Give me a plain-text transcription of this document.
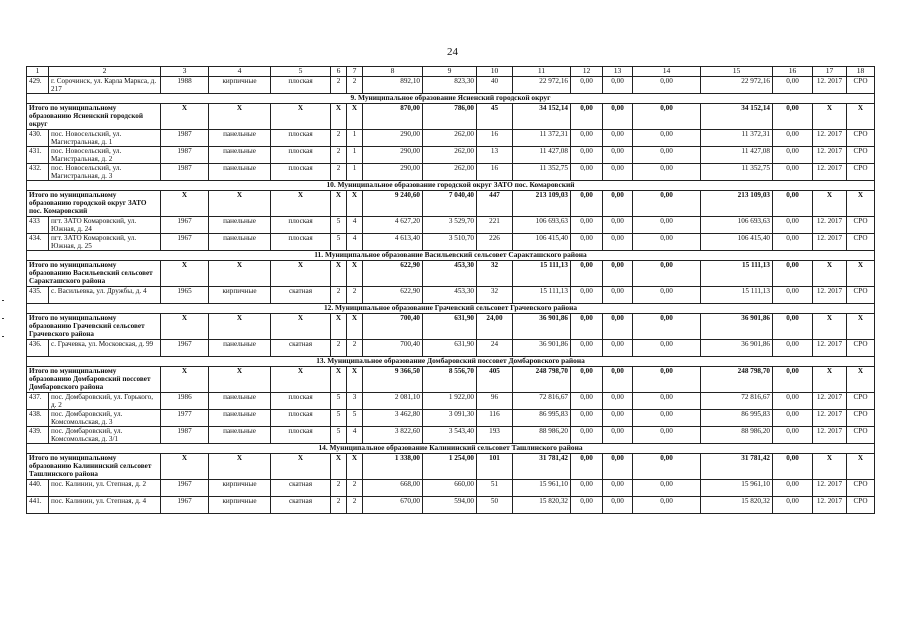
24
1	2	3	4	5	6	7	8	9	10	11	12	13	14	15	16	17	18
429.	г. Сорочинск, ул. Карла Маркса, д. 217	1988	кирпичные	плоская	2	2	892,10	823,30	40	22 972,16	0,00	0,00	0,00	22 972,16	0,00	12. 2017	СРО
9. Муниципальное образование Ясненский городской округ																	
Итого по муниципальному образованию Ясненский городской округ		X	X	X	X	X	870,00	786,00	45	34 152,14	0,00	0,00	0,00	34 152,14	0,00	X	X
430.	пос. Новосельский, ул. Магистральная, д. 1	1987	панельные	плоская	2	1	290,00	262,00	16	11 372,31	0,00	0,00	0,00	11 372,31	0,00	12. 2017	СРО
431.	пос. Новосельский, ул. Магистральная, д. 2	1987	панельные	плоская	2	1	290,00	262,00	13	11 427,08	0,00	0,00	0,00	11 427,08	0,00	12. 2017	СРО
432.	пос. Новосельский, ул. Магистральная, д. 3	1987	панельные	плоская	2	1	290,00	262,00	16	11 352,75	0,00	0,00	0,00	11 352,75	0,00	12. 2017	СРО
10. Муниципальное образование городской округ ЗАТО пос. Комаровский																	
Итого по муниципальному образованию городской округ ЗАТО пос. Комаровский		X	X	X	X	X	9 240,60	7 040,40	447	213 109,03	0,00	0,00	0,00	213 109,03	0,00	X	X
433	пгт. ЗАТО Комаровский, ул. Южная, д. 24	1967	панельные	плоская	5	4	4 627,20	3 529,70	221	106 693,63	0,00	0,00	0,00	106 693,63	0,00	12. 2017	СРО
434.	пгт. ЗАТО Комаровский, ул. Южная, д. 25	1967	панельные	плоская	5	4	4 613,40	3 510,70	226	106 415,40	0,00	0,00	0,00	106 415,40	0,00	12. 2017	СРО
11. Муниципальное образование Васильевский сельсовет Саракташского района																	
Итого по муниципальному образованию Васильевский сельсовет Саракташского района		X	X	X	X	X	622,90	453,30	32	15 111,13	0,00	0,00	0,00	15 111,13	0,00	X	X
435.	с. Васильевка, ул. Дружбы, д. 4	1965	кирпичные	скатная	2	2	622,90	453,30	32	15 111,13	0,00	0,00	0,00	15 111,13	0,00	12. 2017	СРО
12. Муниципальное образование Грачевский сельсовет Грачевского района																	
Итого по муниципальному образованию Грачевский сельсовет Грачевского района		X	X	X	X	X	700,40	631,90	24,00	36 901,86	0,00	0,00	0,00	36 901,86	0,00	X	X
436.	с. Грачевка, ул. Московская, д. 99	1967	панельные	скатная	2	2	700,40	631,90	24	36 901,86	0,00	0,00	0,00	36 901,86	0,00	12. 2017	СРО
13. Муниципальное образование Домбаровский поссовет Домбаровского района																	
Итого по муниципальному образованию Домбаровский поссовет Домбаровского района		X	X	X	X	X	9 366,50	8 556,70	405	248 798,70	0,00	0,00	0,00	248 798,70	0,00	X	X
437.	пос. Домбаровский, ул. Горького, д. 2	1986	панельные	плоская	5	3	2 081,10	1 922,00	96	72 816,67	0,00	0,00	0,00	72 816,67	0,00	12. 2017	СРО
438.	пос. Домбаровский, ул. Комсомольская, д. 3	1977	панельные	плоская	5	5	3 462,80	3 091,30	116	86 995,83	0,00	0,00	0,00	86 995,83	0,00	12. 2017	СРО
439.	пос. Домбаровский, ул. Комсомольская, д. 3/1	1987	панельные	плоская	5	4	3 822,60	3 543,40	193	88 986,20	0,00	0,00	0,00	88 986,20	0,00	12. 2017	СРО
14. Муниципальное образование Калининский сельсовет Ташлинского района																	
Итого по муниципальному образованию Калининский сельсовет Ташлинского района		X	X	X	X	X	1 338,00	1 254,00	101	31 781,42	0,00	0,00	0,00	31 781,42	0,00	X	X
440.	пос. Калинин, ул. Степная, д. 2	1967	кирпичные	скатная	2	2	668,00	660,00	51	15 961,10	0,00	0,00	0,00	15 961,10	0,00	12. 2017	СРО
441.	пос. Калинин, ул. Степная, д. 4	1967	кирпичные	скатная	2	2	670,00	594,00	50	15 820,32	0,00	0,00	0,00	15 820,32	0,00	12. 2017	СРО
